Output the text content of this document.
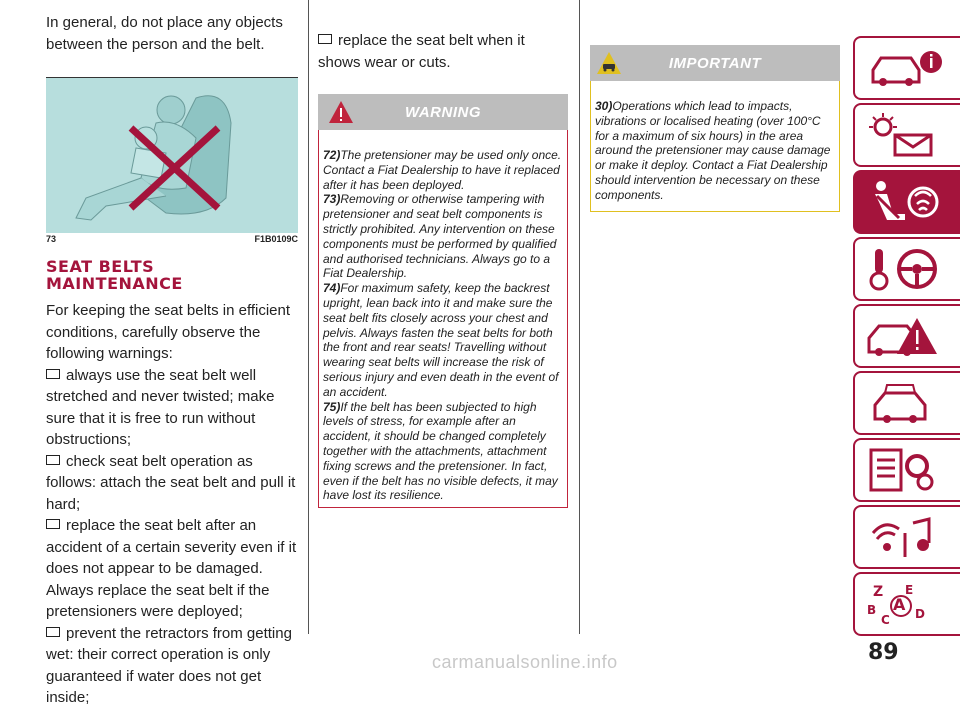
In general, do not place any objects between the person and the belt.

73	F1B0109C
SEAT BELTS
MAINTENANCE

For keeping the seat belts in efficient conditions, carefully observe the following warnings:

always use the seat belt well stretched and never twisted; make sure that it is free to run without obstructions;

check seat belt operation as follows: attach the seat belt and pull it hard;

replace the seat belt after an accident of a certain severity even if it does not appear to be damaged. Always replace the seat belt if the pretensioners were deployed;

prevent the retractors from getting wet: their correct operation is only guaranteed if water does not get inside;

replace the seat belt when it shows wear or cuts.

WARNING

72)The pretensioner may be used only once. Contact a Fiat Dealership to have it replaced after it has been deployed.

73)Removing or otherwise tampering with pretensioner and seat belt components is strictly prohibited. Any intervention on these components must be performed by qualified and authorised technicians. Always go to a Fiat Dealership.

74)For maximum safety, keep the backrest upright, lean back into it and make sure the seat belt fits closely across your chest and pelvis. Always fasten the seat belts for both the front and rear seats! Travelling without wearing seat belts will increase the risk of serious injury and even death in the event of an accident.

75)If the belt has been subjected to high levels of stress, for example after an accident, it should be changed completely together with the attachments, attachment fixing screws and the pretensioner. In fact, even if the belt has no visible defects, it may have lost its resilience.

IMPORTANT

30)Operations which lead to impacts, vibrations or localised heating (over 100°C for a maximum of six hours) in the area around the pretensioner may cause damage or make it deploy. Contact a Fiat Dealership should intervention be necessary on these components.

Z E
B A D
C
89
carmanualsonline.info
